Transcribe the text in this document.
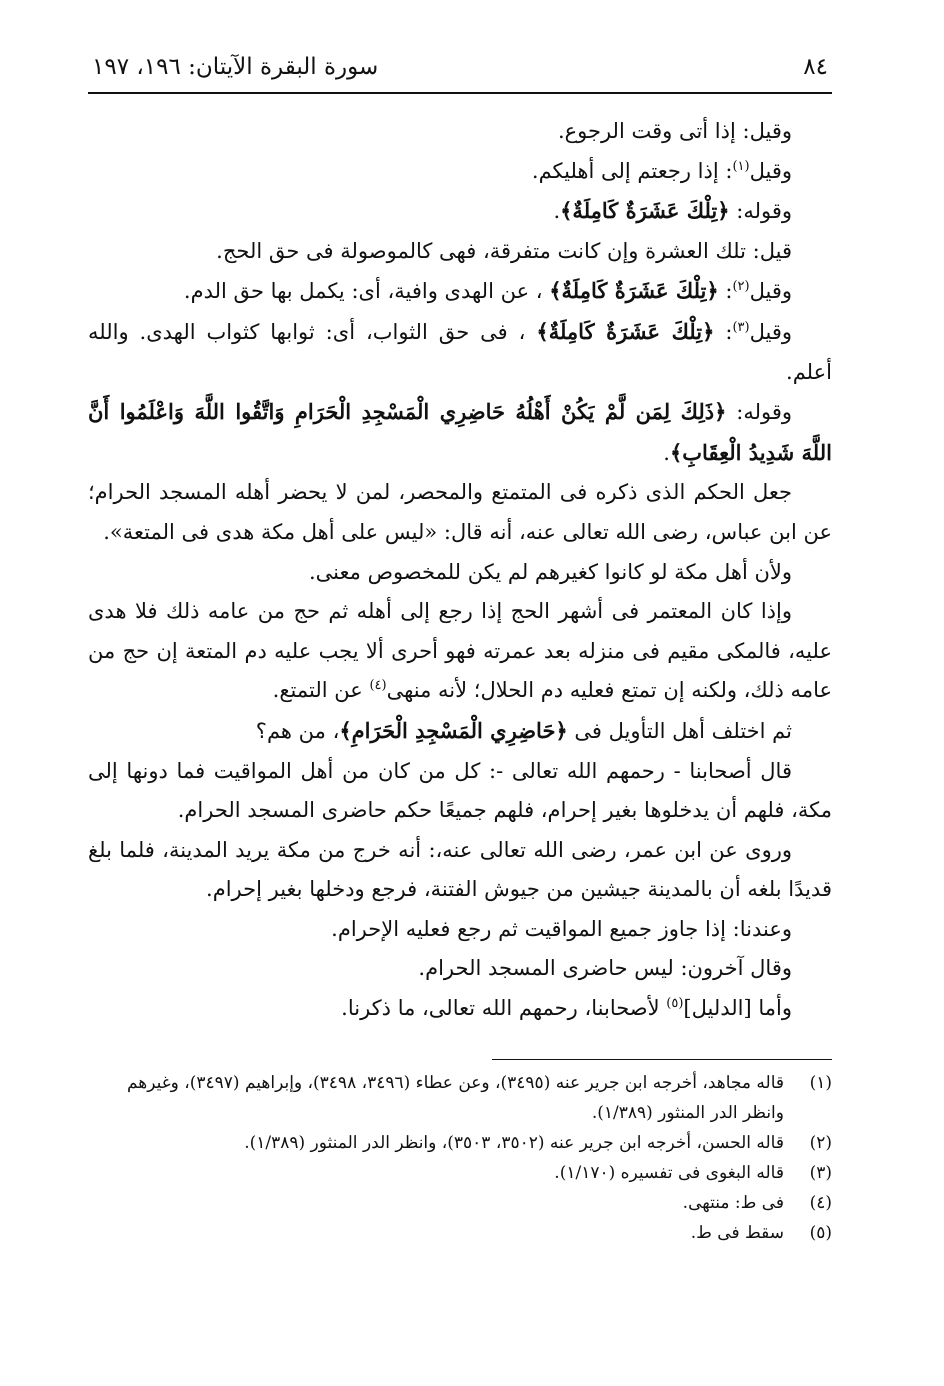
٨٤
سورة البقرة الآيتان: ١٩٦، ١٩٧

وقيل: إذا أتى وقت الرجوع.

وقيل$^{(١)}$: إذا رجعتم إلى أهليكم.

وقوله: ﴿تِلْكَ عَشَرَةٌ كَامِلَةٌ﴾.

قيل: تلك العشرة وإن كانت متفرقة، فهى كالموصولة فى حق الحج.

وقيل$^{(٢)}$: ﴿تِلْكَ عَشَرَةٌ كَامِلَةٌ﴾ ، عن الهدى وافية، أى: يكمل بها حق الدم.

وقيل$^{(٣)}$: ﴿تِلْكَ عَشَرَةٌ كَامِلَةٌ﴾ ، فى حق الثواب، أى: ثوابها كثواب الهدى. والله أعلم.

وقوله: ﴿ذَلِكَ لِمَن لَّمْ يَكُنْ أَهْلُهُ حَاضِرِي الْمَسْجِدِ الْحَرَامِ وَاتَّقُوا اللَّهَ وَاعْلَمُوا أَنَّ اللَّهَ شَدِيدُ الْعِقَابِ﴾.

جعل الحكم الذى ذكره فى المتمتع والمحصر، لمن لا يحضر أهله المسجد الحرام؛ عن ابن عباس، رضى الله تعالى عنه، أنه قال: «ليس على أهل مكة هدى فى المتعة».

ولأن أهل مكة لو كانوا كغيرهم لم يكن للمخصوص معنى.

وإذا كان المعتمر فى أشهر الحج إذا رجع إلى أهله ثم حج من عامه ذلك فلا هدى عليه، فالمكى مقيم فى منزله بعد عمرته فهو أحرى ألا يجب عليه دم المتعة إن حج من عامه ذلك، ولكنه إن تمتع فعليه دم الحلال؛ لأنه منهى$^{(٤)}$ عن التمتع.

ثم اختلف أهل التأويل فى ﴿حَاضِرِي الْمَسْجِدِ الْحَرَامِ﴾، من هم؟

قال أصحابنا - رحمهم الله تعالى -: كل من كان من أهل المواقيت فما دونها إلى مكة، فلهم أن يدخلوها بغير إحرام، فلهم جميعًا حكم حاضرى المسجد الحرام.

وروى عن ابن عمر، رضى الله تعالى عنه،: أنه خرج من مكة يريد المدينة، فلما بلغ قديدًا بلغه أن بالمدينة جيشين من جيوش الفتنة، فرجع ودخلها بغير إحرام.

وعندنا: إذا جاوز جميع المواقيت ثم رجع فعليه الإحرام.

وقال آخرون: ليس حاضرى المسجد الحرام.

وأما [الدليل]$^{(٥)}$ لأصحابنا، رحمهم الله تعالى، ما ذكرنا.

(١)
قاله مجاهد، أخرجه ابن جرير عنه (٣٤٩٥)، وعن عطاء (٣٤٩٦، ٣٤٩٨)، وإبراهيم (٣٤٩٧)، وغيرهم وانظر الدر المنثور (١/٣٨٩).
(٢)
قاله الحسن، أخرجه ابن جرير عنه (٣٥٠٢، ٣٥٠٣)، وانظر الدر المنثور (١/٣٨٩).
(٣)
قاله البغوى فى تفسيره (١/١٧٠).
(٤)
فى ط: منتهى.
(٥)
سقط فى ط.
